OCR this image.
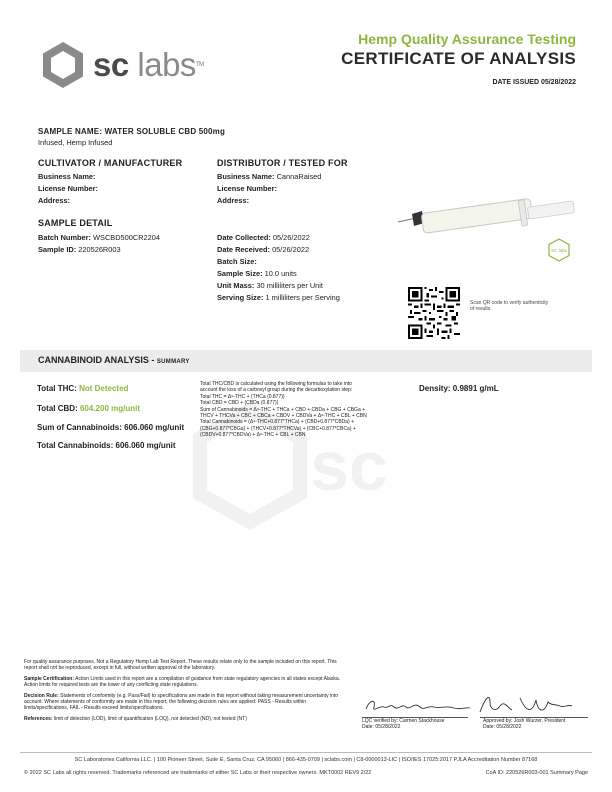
sc labs™
Hemp Quality Assurance Testing
CERTIFICATE OF ANALYSIS
DATE ISSUED 05/28/2022
SAMPLE NAME: WATER SOLUBLE CBD 500mg
Infused, Hemp Infused
CULTIVATOR / MANUFACTURER
Business Name:
License Number:
Address:
DISTRIBUTOR / TESTED FOR
Business Name: CannaRaised
License Number:
Address:
SAMPLE DETAIL
Batch Number: WSCBD500CR2204
Sample ID: 220526R003
Date Collected: 05/26/2022
Date Received: 05/26/2022
Batch Size:
Sample Size: 10.0 units
Unit Mass: 30 milliliters per Unit
Serving Size: 1 milliliters per Serving
SC labs
Scan QR code to verify authenticity of results.
CANNABINOID ANALYSIS - SUMMARY
sc
Total THC: Not Detected
Total CBD: 604.200 mg/unit
Sum of Cannabinoids: 606.060 mg/unit
Total Cannabinoids: 606.060 mg/unit
Total THC/CBD is calculated using the following formulas to take into
account the loss of a carboxyl group during the decarboxylation step:
Total THC = Δ⁹-THC + (THCa (0.877))
Total CBD = CBD + (CBDa (0.877))
Sum of Cannabinoids = Δ⁹-THC + THCa + CBD + CBDa + CBG + CBGa +
THCV + THCVa + CBC + CBCa + CBDV + CBDVa + Δ⁸-THC + CBL + CBN
Total Cannabinoids = (Δ⁹-THC+0.877*THCa) + (CBD+0.877*CBDa) +
(CBG+0.877*CBGa) + (THCV+0.877*THCVa) + (CBC+0.877*CBCa) +
(CBDV+0.877*CBDVa) + Δ⁸-THC + CBL + CBN
Density: 0.9891 g/mL
For quality assurance purposes. Not a Regulatory Hemp Lab Test Report. These results relate only to the sample included on this report. This report shall not be reproduced, except in full, without written approval of the laboratory.
Sample Certification: Action Limits used in this report are a compilation of guidance from state regulatory agencies in all states except Alaska. Action limits for required tests are the lower of any conflicting state regulations.
Decision Rule: Statements of conformity (e.g. Pass/Fail) to specifications are made in this report without taking measurement uncertainty into account. Where statements of conformity are made in this report, the following decision rules are applied: PASS - Results within limits/specifications, FAIL - Results exceed limits/specifications.
References: limit of detection (LOD), limit of quantification (LOQ), not detected (ND), not tested (NT)	LQC verified by: Carmen Stackhouse
Date: 05/28/2022
Approved by: Josh Wurzer, President
Date: 05/28/2022
SC Laboratories California LLC. | 100 Pioneer Street, Suite E, Santa Cruz, CA 95060 | 866-435-0709 | sclabs.com | C8-0000013-LIC | ISO/IES 17025:2017 PJLA Accreditation Number 87168
© 2022 SC Labs all rights reserved. Trademarks referenced are trademarks of either SC Labs or their respective owners. MKT0002 REV9 2/22	CoA ID: 220526R003-001 Summary Page
